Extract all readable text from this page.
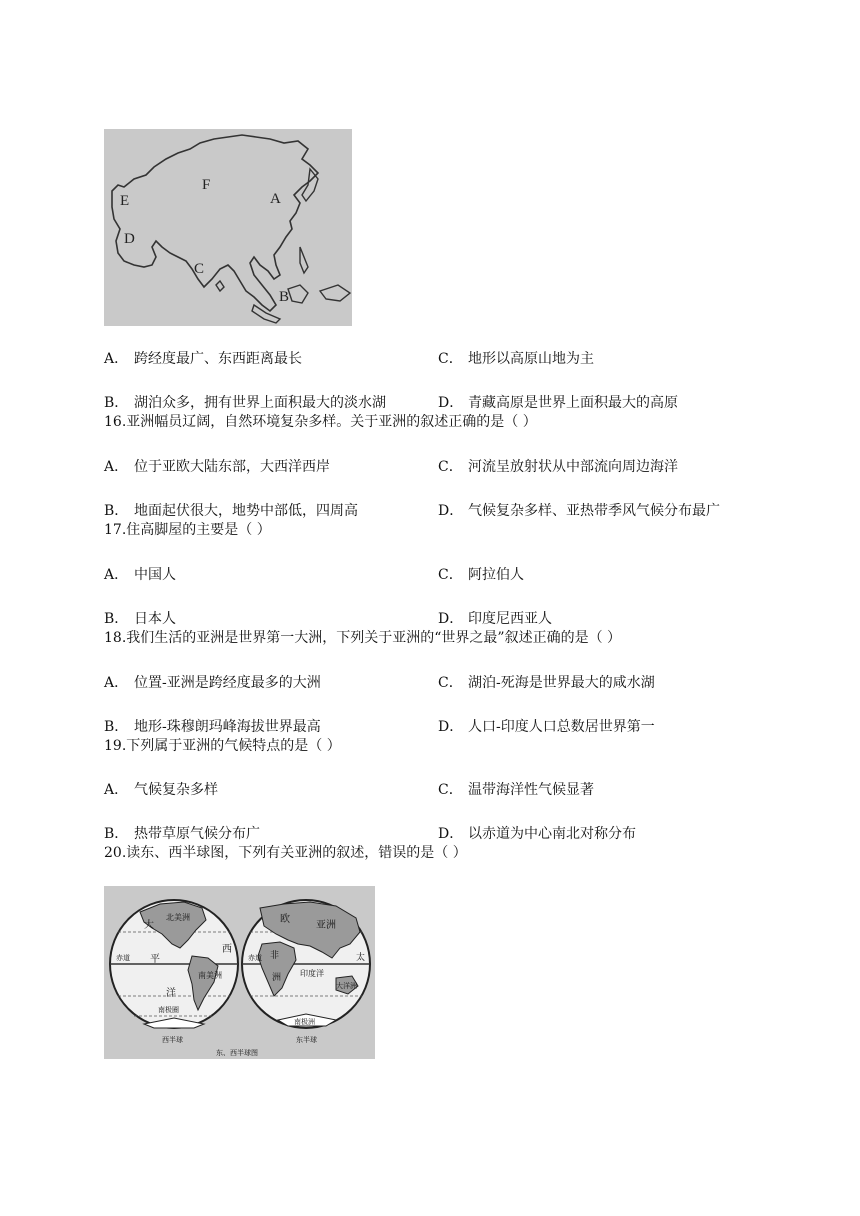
F
A
E
D
C
B
A． 跨经度最广、东西距离最长	C． 地形以高原山地为主
B． 湖泊众多，拥有世界上面积最大的淡水湖	D． 青藏高原是世界上面积最大的高原
16.亚洲幅员辽阔，自然环境复杂多样。关于亚洲的叙述正确的是（ ）
A． 位于亚欧大陆东部，大西洋西岸	C． 河流呈放射状从中部流向周边海洋
B． 地面起伏很大，地势中部低，四周高	D． 气候复杂多样、亚热带季风气候分布最广
17.住高脚屋的主要是（ ）
A． 中国人	C． 阿拉伯人
B． 日本人	D． 印度尼西亚人
18.我们生活的亚洲是世界第一大洲，下列关于亚洲的“世界之最”叙述正确的是（ ）
A． 位置-亚洲是跨经度最多的大洲	C． 湖泊-死海是世界最大的咸水湖
B． 地形-珠穆朗玛峰海拔世界最高	D． 人口-印度人口总数居世界第一
19.下列属于亚洲的气候特点的是（ ）
A． 气候复杂多样	C． 温带海洋性气候显著
B． 热带草原气候分布广	D． 以赤道为中心南北对称分布
20.读东、西半球图，下列有关亚洲的叙述，错误的是（ ）
北美洲
南美洲
大
平
洋
西
赤道
南极圈
西半球
亚洲
欧
非
洲 印度洋
大洋洲
太
赤道
南极洲
东半球
东、西半球图
